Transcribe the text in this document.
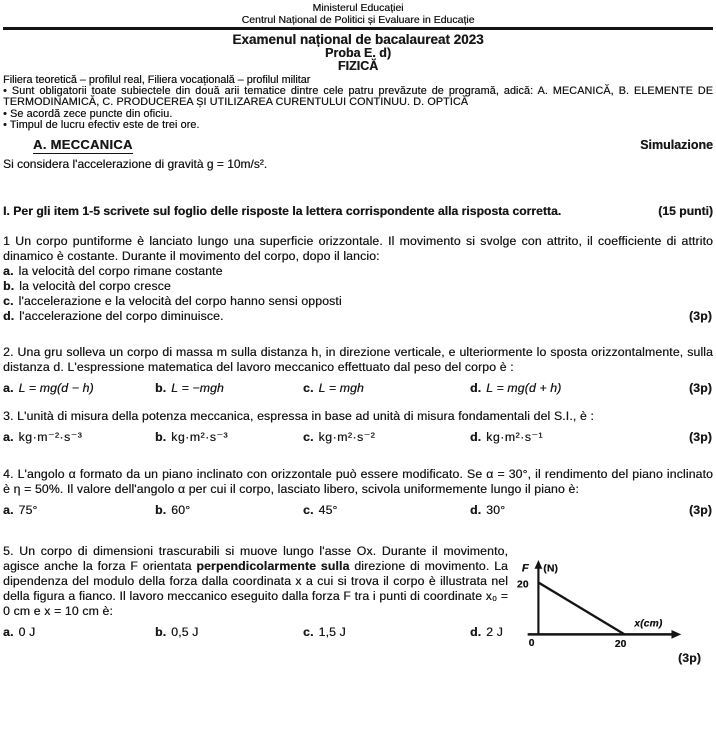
Ministerul Educației
Centrul Național de Politici și Evaluare in Educație
Examenul național de bacalaureat 2023
Proba E. d)
FIZICĂ
Filiera teoretică – profilul real, Filiera vocațională – profilul militar
• Sunt obligatorii toate subiectele din două arii tematice dintre cele patru prevăzute de programă, adică: A. MECANICĂ, B. ELEMENTE DE TERMODINAMICĂ, C. PRODUCEREA ȘI UTILIZAREA CURENTULUI CONTINUU. D. OPTICĂ
• Se acordă zece puncte din oficiu.
• Timpul de lucru efectiv este de trei ore.
A. MECCANICA	Simulazione
Si considera l'accelerazione di gravità g = 10m/s².
I. Per gli item 1-5 scrivete sul foglio delle risposte la lettera corrispondente alla risposta corretta.	(15 punti)

1 Un corpo puntiforme è lanciato lungo una superficie orizzontale. Il movimento si svolge con attrito, il coefficiente di attrito dinamico è costante. Durante il movimento del corpo, dopo il lancio:

a. la velocità del corpo rimane costante
b. la velocità del corpo cresce
c. l'accelerazione e la velocità del corpo hanno sensi opposti
d. l'accelerazione del corpo diminuisce.	(3p)

2. Una gru solleva un corpo di massa m sulla distanza h, in direzione verticale, e ulteriormente lo sposta orizzontalmente, sulla distanza d. L'espressione matematica del lavoro meccanico effettuato dal peso del corpo è :

a. L = mg(d − h)	b. L = −mgh	c. L = mgh	d. L = mg(d + h)	(3p)

3. L'unità di misura della potenza meccanica, espressa in base ad unità di misura fondamentali del S.I., è :

a. kg·m⁻²·s⁻³	b. kg·m²·s⁻³	c. kg·m²·s⁻²	d. kg·m²·s⁻¹	(3p)

4. L'angolo α formato da un piano inclinato con orizzontale può essere modificato. Se α = 30°, il rendimento del piano inclinato è η = 50%. Il valore dell'angolo α per cui il corpo, lasciato libero, scivola uniformemente lungo il piano è:

a. 75°	b. 60°	c. 45°	d. 30°	(3p)

5. Un corpo di dimensioni trascurabili si muove lungo l'asse Ox. Durante il movimento, agisce anche la forza F orientata perpendicolarmente sulla direzione di movimento. La dipendenza del modulo della forza dalla coordinata x a cui si trova il corpo è illustrata nel della figura a fianco. Il lavoro meccanico eseguito dalla forza F tra i punti di coordinate x₀ = 0 cm e x = 10 cm è:

a. 0 J	b. 0,5 J	c. 1,5 J	d. 2 J
F (N)
20
0	20
x(cm)
(3p)
